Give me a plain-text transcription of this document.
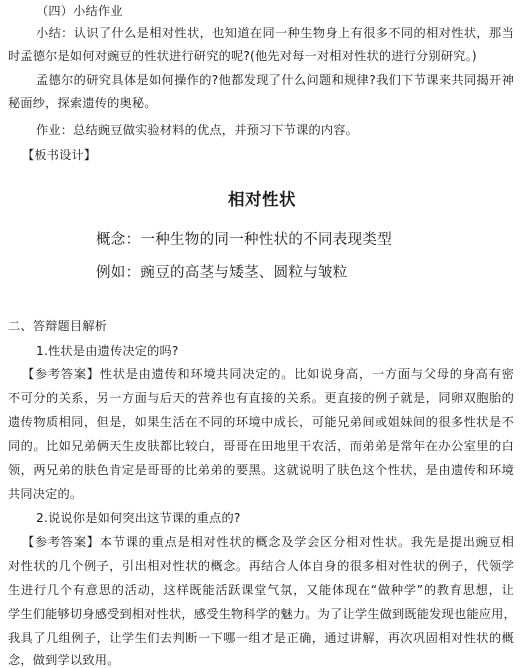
（四）小结作业
小结：认识了什么是相对性状，也知道在同一种生物身上有很多不同的相对性状，那当
时孟德尔是如何对豌豆的性状进行研究的呢?(他先对每一对相对性状的进行分别研究。)
孟德尔的研究具体是如何操作的?他都发现了什么问题和规律?我们下节课来共同揭开神
秘面纱，探索遗传的奥秘。
作业：总结豌豆做实验材料的优点，并预习下节课的内容。
【板书设计】
相对性状
概念：一种生物的同一种性状的不同表现类型
例如：豌豆的高茎与矮茎、圆粒与皱粒
二、答辩题目解析
1.性状是由遗传决定的吗?
【参考答案】性状是由遗传和环境共同决定的。比如说身高，一方面与父母的身高有密
不可分的关系，另一方面与后天的营养也有直接的关系。更直接的例子就是，同卵双胞胎的
遗传物质相同，但是，如果生活在不同的环境中成长，可能兄弟间或姐妹间的很多性状是不
同的。比如兄弟俩天生皮肤都比较白，哥哥在田地里干农活，而弟弟是常年在办公室里的白
领，两兄弟的肤色肯定是哥哥的比弟弟的要黑。这就说明了肤色这个性状，是由遗传和环境
共同决定的。
2.说说你是如何突出这节课的重点的?
【参考答案】本节课的重点是相对性状的概念及学会区分相对性状。我先是提出豌豆相
对性状的几个例子，引出相对性状的概念。再结合人体自身的很多相对性状的例子，代领学
生进行几个有意思的活动，这样既能活跃课堂气氛，又能体现在“做种学”的教育思想，让
学生们能够切身感受到相对性状，感受生物科学的魅力。为了让学生做到既能发现也能应用，
我具了几组例子，让学生们去判断一下哪一组才是正确，通过讲解，再次巩固相对性状的概
念，做到学以致用。
